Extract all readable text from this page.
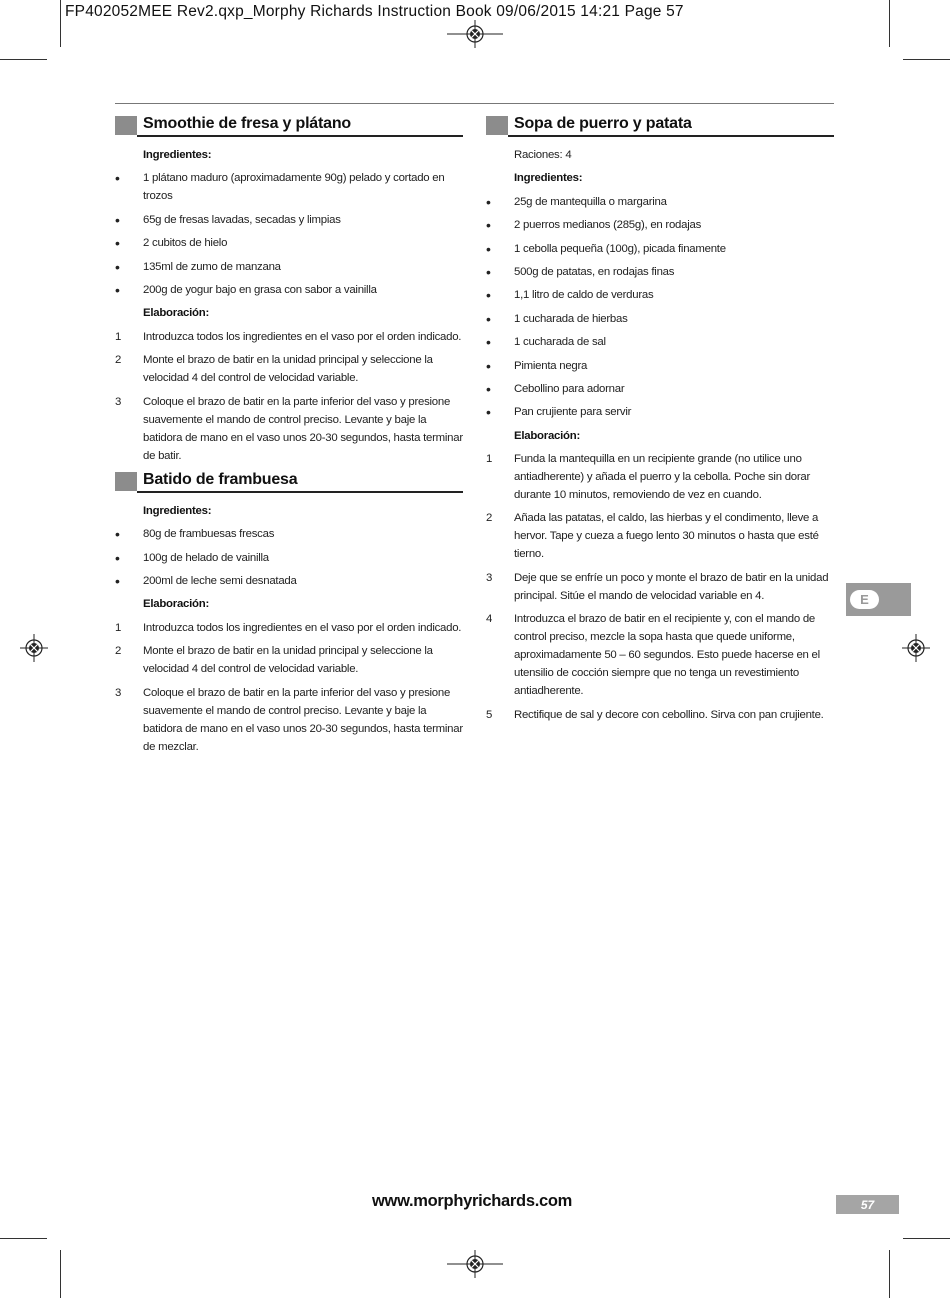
FP402052MEE Rev2.qxp_Morphy Richards Instruction Book 09/06/2015 14:21 Page 57
Smoothie de fresa y plátano
Ingredientes:
•	1 plátano maduro (aproximadamente 90g) pelado y cortado en trozos
•	65g de fresas lavadas, secadas y limpias
•	2 cubitos de hielo
•	135ml de zumo de manzana
•	200g de yogur bajo en grasa con sabor a vainilla
Elaboración:
1	Introduzca todos los ingredientes en el vaso por el orden indicado.
2	Monte el brazo de batir en la unidad principal y seleccione la velocidad 4 del control de velocidad variable.
3	Coloque el brazo de batir en la parte inferior del vaso y presione suavemente el mando de control preciso. Levante y baje la batidora de mano en el vaso unos 20-30 segundos, hasta terminar de batir.
Batido de frambuesa
Ingredientes:
•	80g de frambuesas frescas
•	100g de helado de vainilla
•	200ml de leche semi desnatada
Elaboración:
1	Introduzca todos los ingredientes en el vaso por el orden indicado.
2	Monte el brazo de batir en la unidad principal y seleccione la velocidad 4 del control de velocidad variable.
3	Coloque el brazo de batir en la parte inferior del vaso y presione suavemente el mando de control preciso. Levante y baje la batidora de mano en el vaso unos 20-30 segundos, hasta terminar de mezclar.
Sopa de puerro y patata
Raciones: 4
Ingredientes:
•	25g de mantequilla o margarina
•	2 puerros medianos (285g), en rodajas
•	1 cebolla pequeña (100g), picada finamente
•	500g de patatas, en rodajas finas
•	1,1 litro de caldo de verduras
•	1 cucharada de hierbas
•	1 cucharada de sal
•	Pimienta negra
•	Cebollino para adornar
•	Pan crujiente para servir
Elaboración:
1	Funda la mantequilla en un recipiente grande (no utilice uno antiadherente) y añada el puerro y la cebolla. Poche sin dorar durante 10 minutos, removiendo de vez en cuando.
2	Añada las patatas, el caldo, las hierbas y el condimento, lleve a hervor. Tape y cueza a fuego lento 30 minutos o hasta que esté tierno.
3	Deje que se enfríe un poco y monte el brazo de batir en la unidad principal. Sitúe el mando de velocidad variable en 4.
4	Introduzca el brazo de batir en el recipiente y, con el mando de control preciso, mezcle la sopa hasta que quede uniforme, aproximadamente 50 – 60 segundos. Esto puede hacerse en el utensilio de cocción siempre que no tenga un revestimiento antiadherente.
5	Rectifique de sal y decore con cebollino. Sirva con pan crujiente.
E
www.morphyrichards.com	57
